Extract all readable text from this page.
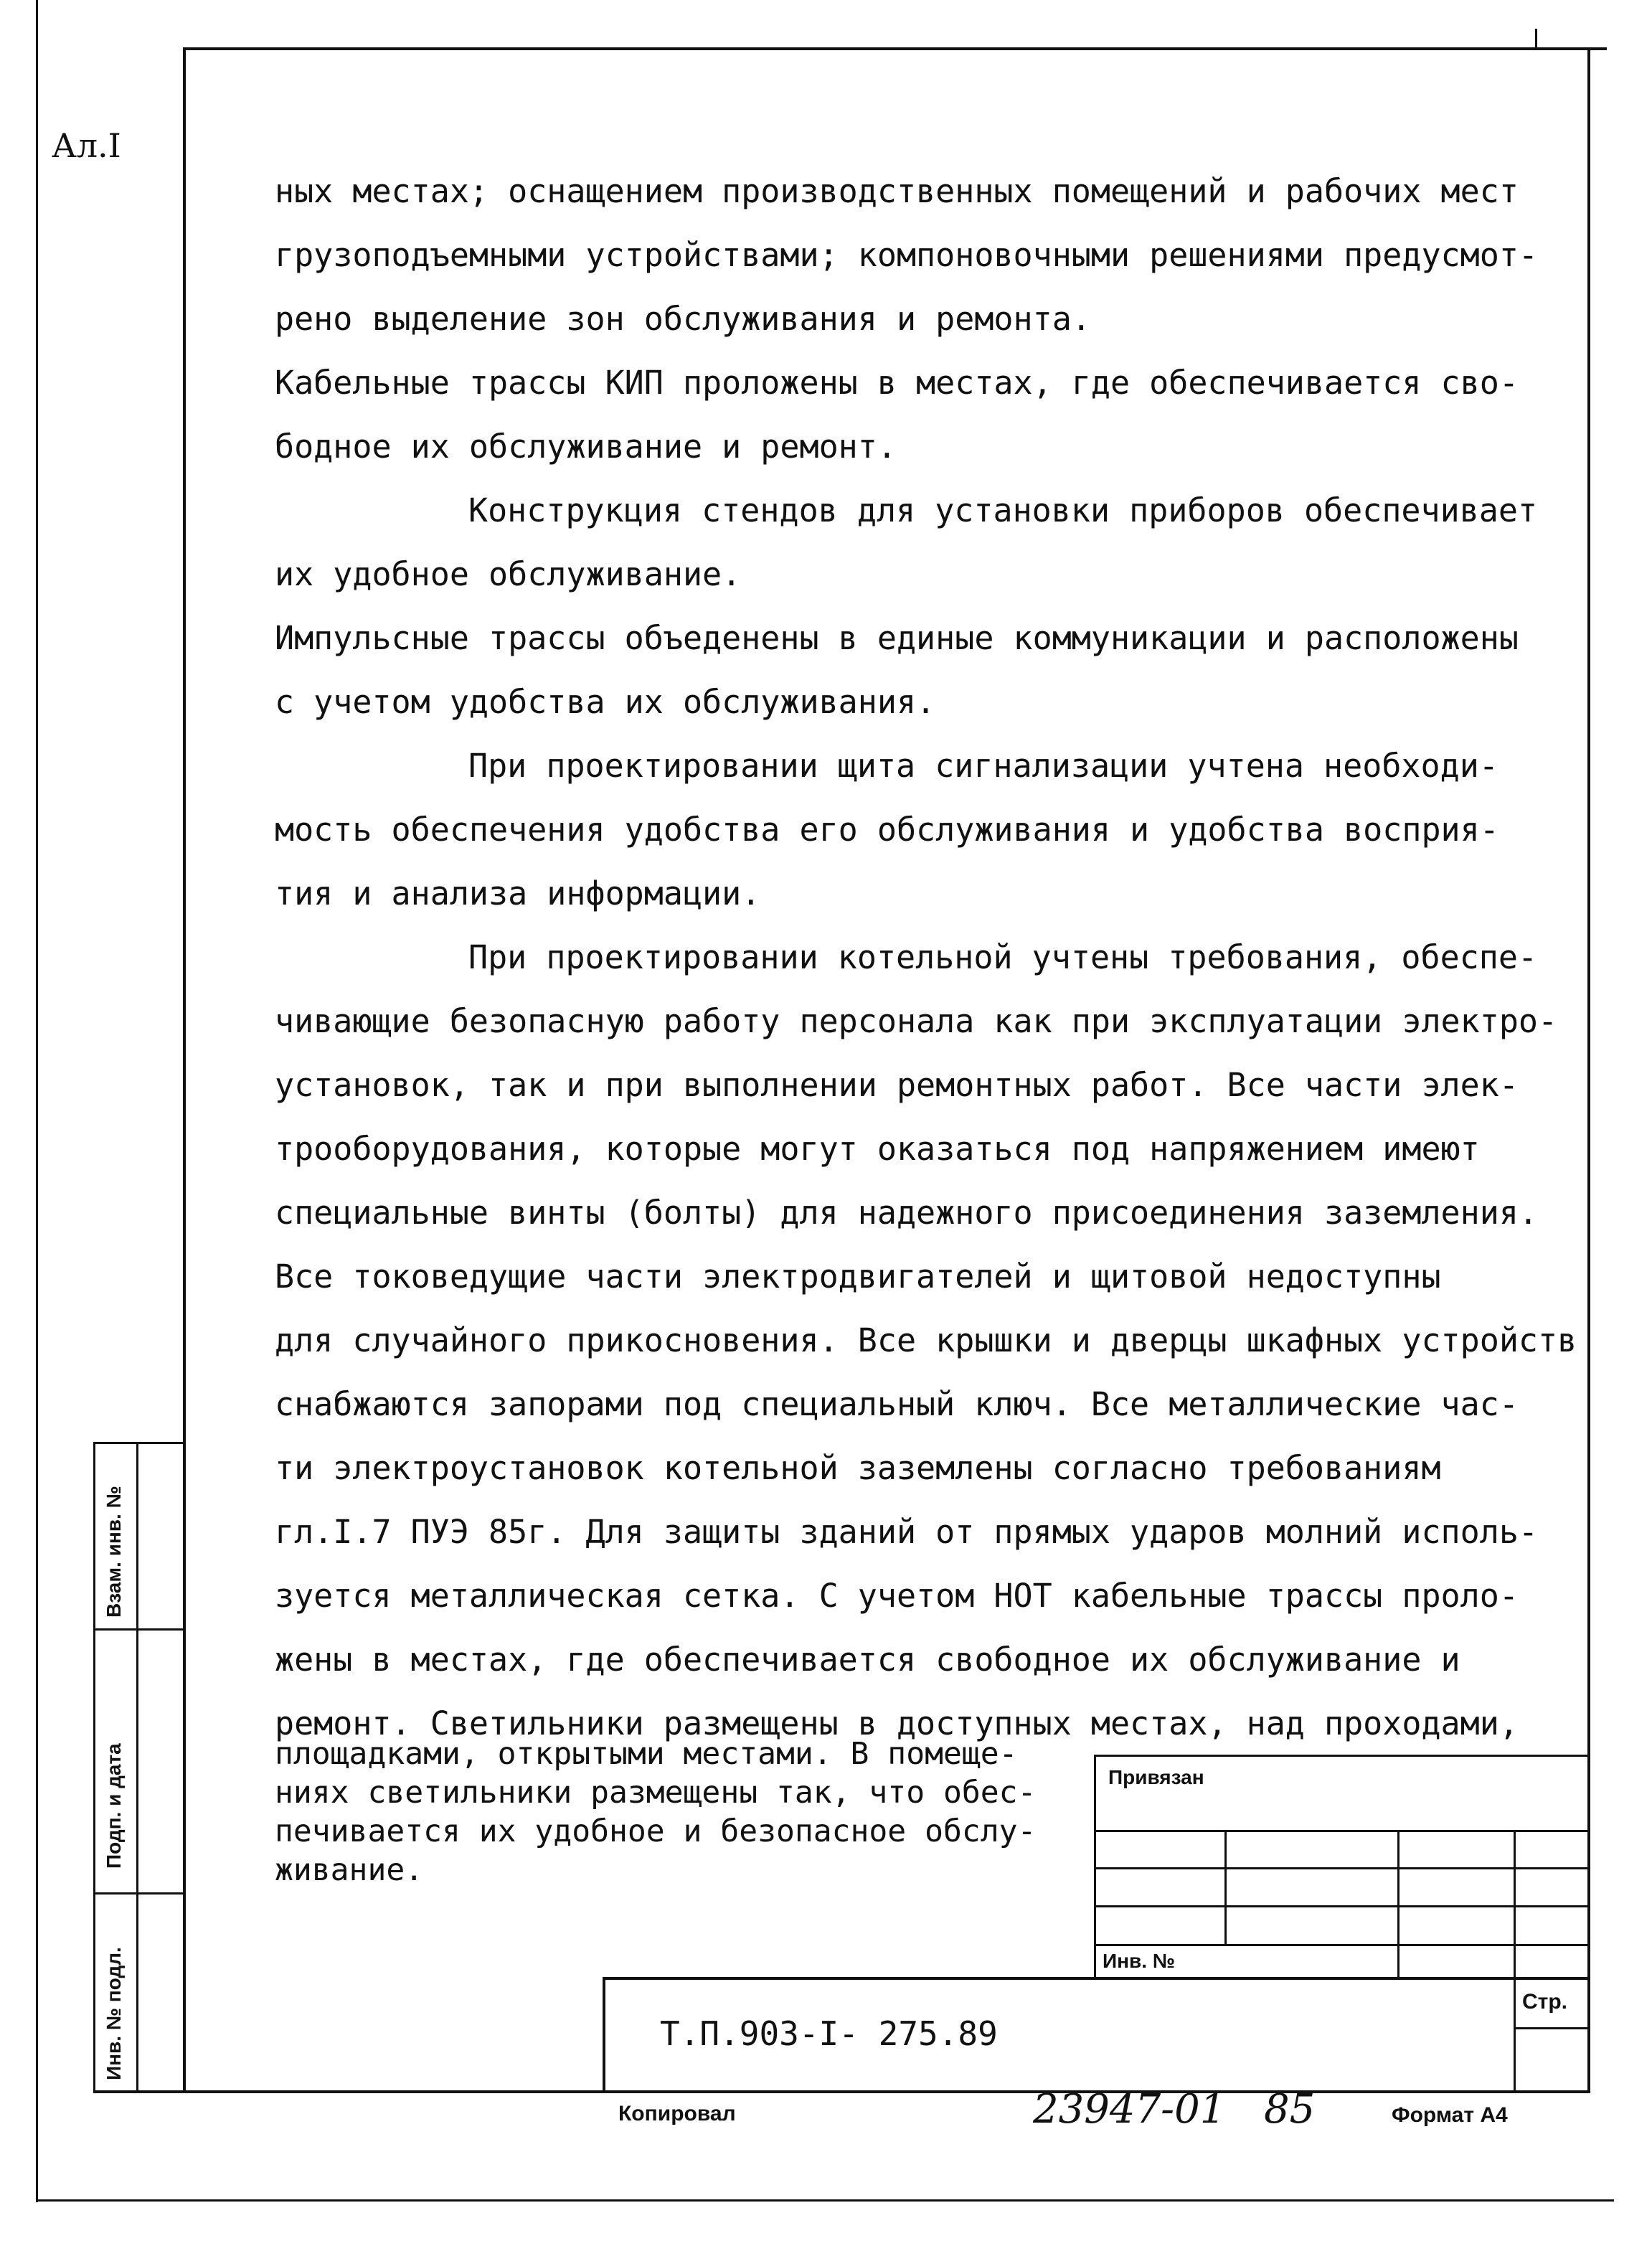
Ал.I
ных местах; оснащением производственных помещений и рабочих мест
грузоподъемными устройствами; компоновочными решениями предусмот-
рено выделение зон обслуживания и ремонта.
Кабельные трассы КИП проложены в местах, где обеспечивается сво-
бодное их обслуживание и ремонт.
Конструкция стендов для установки приборов обеспечивает
их удобное обслуживание.
Импульсные трассы объеденены в единые коммуникации и расположены
с учетом удобства их обслуживания.
При проектировании щита сигнализации учтена необходи-
мость обеспечения удобства его обслуживания и удобства восприя-
тия и анализа информации.
При проектировании котельной учтены требования, обеспе-
чивающие безопасную работу персонала как при эксплуатации электро-
установок, так и при выполнении ремонтных работ. Все части элек-
трооборудования, которые могут оказаться под напряжением имеют
специальные винты (болты) для надежного присоединения заземления.
Все токоведущие части электродвигателей и щитовой недоступны
для случайного прикосновения. Все крышки и дверцы шкафных устройств
снабжаются запорами под специальный ключ. Все металлические час-
ти электроустановок котельной заземлены согласно требованиям
гл.I.7 ПУЭ 85г. Для защиты зданий от прямых ударов молний исполь-
зуется металлическая сетка. С учетом НОТ кабельные трассы проло-
жены в местах, где обеспечивается свободное их обслуживание и
ремонт. Светильники размещены в доступных местах, над проходами,
площадками, открытыми местами. В помеще-
ниях светильники размещены так, что обес-
печивается их удобное и безопасное обслу-
живание.
Взам. инв. №
Подп. и дата
Инв. № подл.
Привязан
Инв. №
Т.П.903-I- 275.89
Стр.
Копировал	23947-01 85	Формат А4
